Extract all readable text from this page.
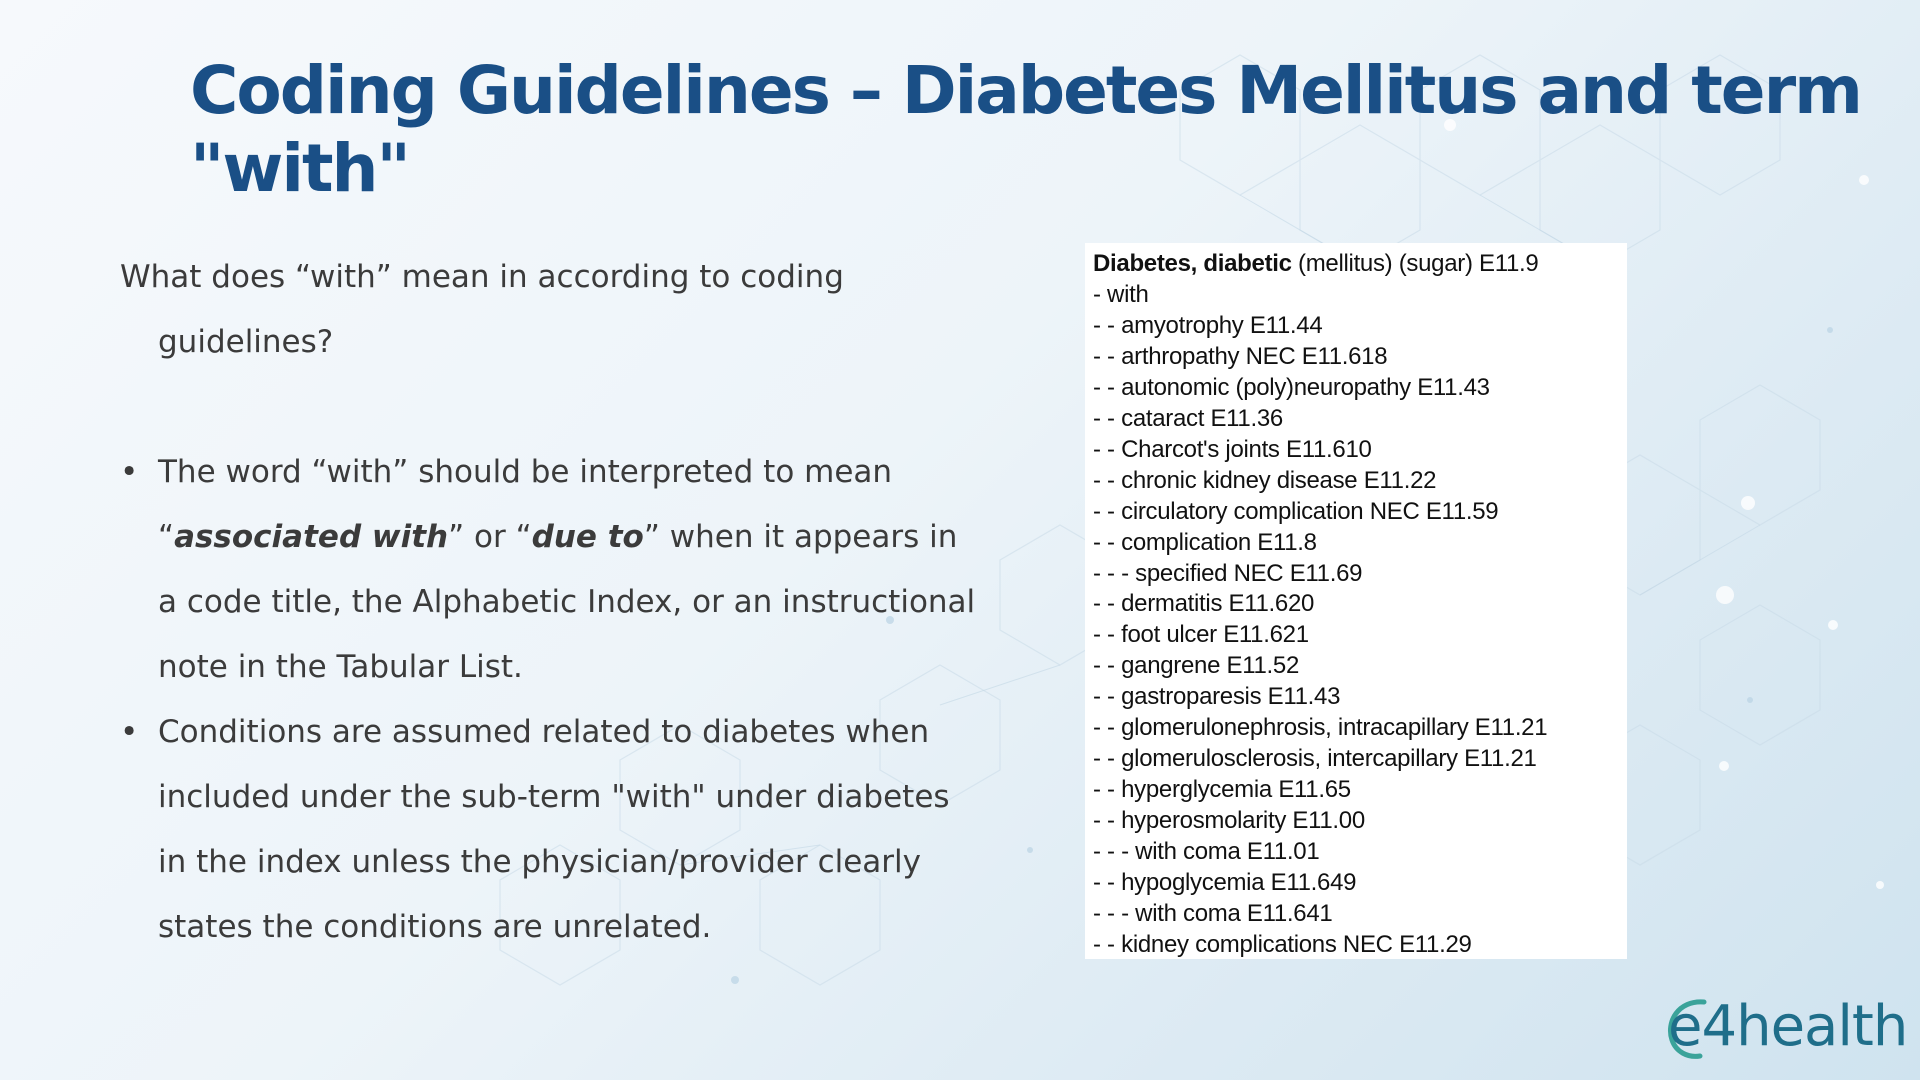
Coding Guidelines – Diabetes Mellitus and term "with"

What does “with” mean in according to coding guidelines?

• The word “with” should be interpreted to mean “associated with” or “due to” when it appears in a code title, the Alphabetic Index, or an instructional note in the Tabular List.
• Conditions are assumed related to diabetes when included under the sub-term "with" under diabetes in the index unless the physician/provider clearly states the conditions are unrelated.
Diabetes, diabetic (mellitus) (sugar) E11.9
- with
- - amyotrophy E11.44
- - arthropathy NEC E11.618
- - autonomic (poly)neuropathy E11.43
- - cataract E11.36
- - Charcot's joints E11.610
- - chronic kidney disease E11.22
- - circulatory complication NEC E11.59
- - complication E11.8
- - - specified NEC E11.69
- - dermatitis E11.620
- - foot ulcer E11.621
- - gangrene E11.52
- - gastroparesis E11.43
- - glomerulonephrosis, intracapillary E11.21
- - glomerulosclerosis, intercapillary E11.21
- - hyperglycemia E11.65
- - hyperosmolarity E11.00
- - - with coma E11.01
- - hypoglycemia E11.649
- - - with coma E11.641
- - kidney complications NEC E11.29
e4health
